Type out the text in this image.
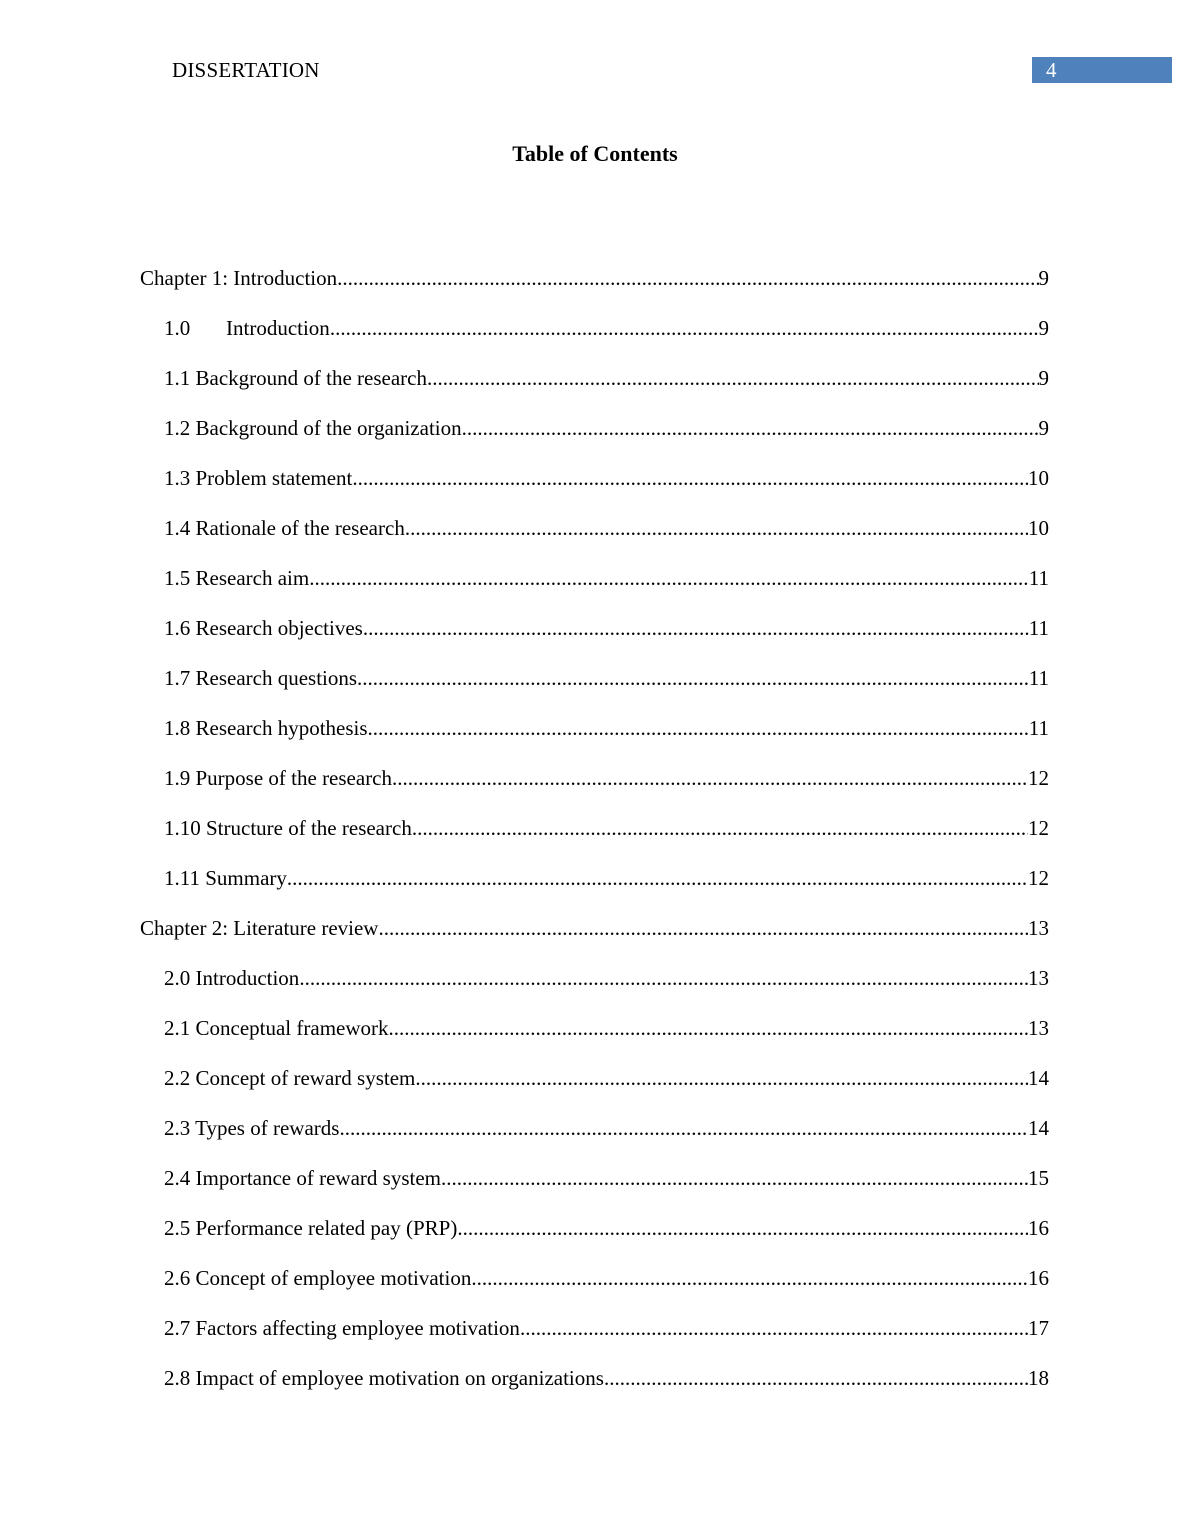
DISSERTATION	4
Table of Contents
Chapter 1: Introduction .....	9
1.0	Introduction .....	9
1.1 Background of the research .....	9
1.2 Background of the organization .....	9
1.3 Problem statement .....	10
1.4 Rationale of the research .....	10
1.5 Research aim .....	11
1.6 Research objectives .....	11
1.7 Research questions .....	11
1.8 Research hypothesis .....	11
1.9 Purpose of the research .....	12
1.10 Structure of the research .....	12
1.11 Summary .....	12
Chapter 2: Literature review .....	13
2.0 Introduction .....	13
2.1 Conceptual framework .....	13
2.2 Concept of reward system .....	14
2.3 Types of rewards .....	14
2.4 Importance of reward system .....	15
2.5 Performance related pay (PRP) .....	16
2.6 Concept of employee motivation .....	16
2.7 Factors affecting employee motivation .....	17
2.8 Impact of employee motivation on organizations .....	18
